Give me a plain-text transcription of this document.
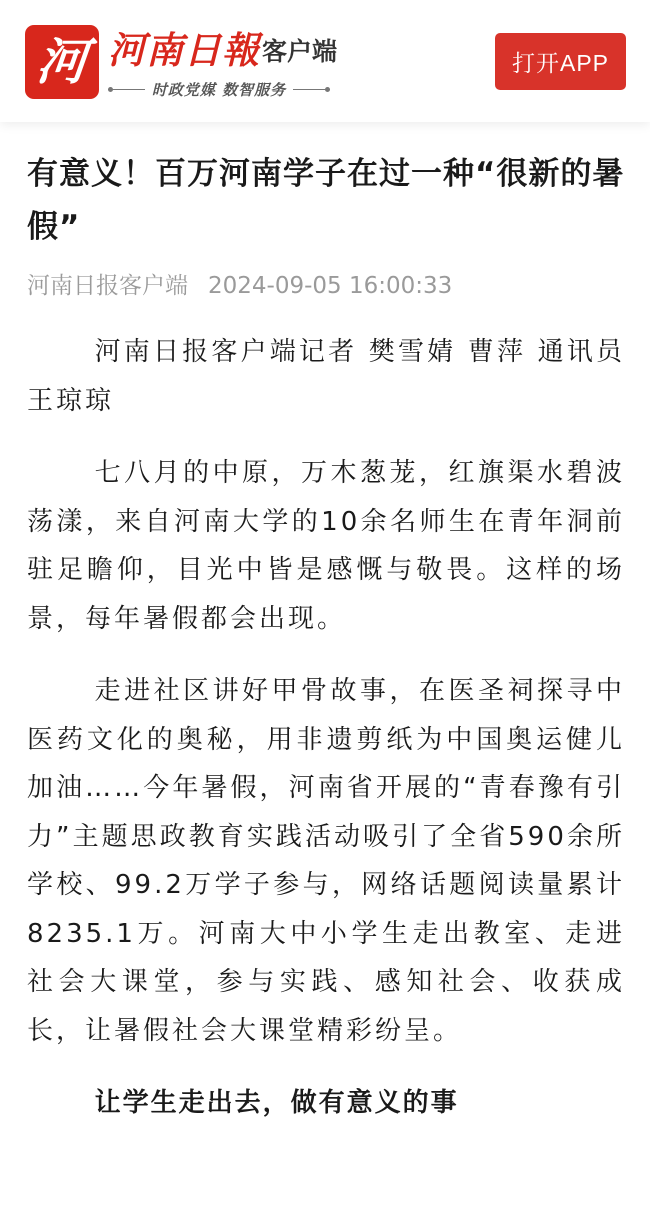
河 河南日報 客户端
时政党媒 数智服务
打开APP
有意义！百万河南学子在过一种“很新的暑假”
河南日报客户端 2024-09-05 16:00:33

河南日报客户端记者 樊雪婧 曹萍 通讯员 王琼琼

七八月的中原，万木葱茏，红旗渠水碧波荡漾，来自河南大学的10余名师生在青年洞前驻足瞻仰，目光中皆是感慨与敬畏。这样的场景，每年暑假都会出现。

走进社区讲好甲骨故事，在医圣祠探寻中医药文化的奥秘，用非遗剪纸为中国奥运健儿加油……今年暑假，河南省开展的“青春豫有引力”主题思政教育实践活动吸引了全省590余所学校、99.2万学子参与，网络话题阅读量累计8235.1万。河南大中小学生走出教室、走进社会大课堂，参与实践、感知社会、收获成长，让暑假社会大课堂精彩纷呈。

让学生走出去，做有意义的事
